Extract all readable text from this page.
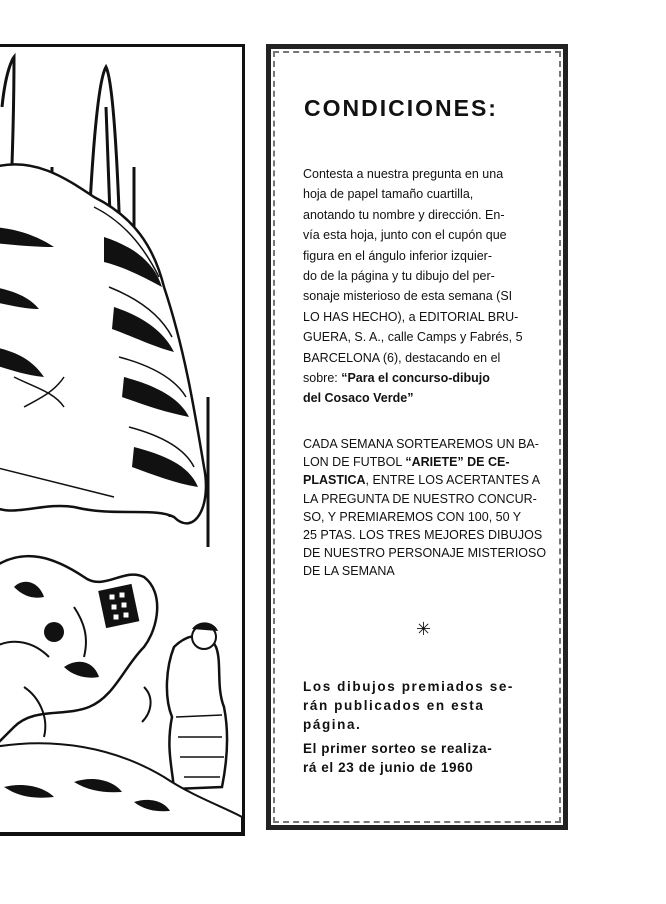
CONDICIONES:
Contesta a nuestra pregunta en una
hoja de papel tamaño cuartilla,
anotando tu nombre y dirección. En-
vía esta hoja, junto con el cupón que
figura en el ángulo inferior izquier-
do de la página y tu dibujo del per-
sonaje misterioso de esta semana (SI
LO HAS HECHO), a EDITORIAL BRU-
GUERA, S. A., calle Camps y Fabrés, 5
BARCELONA (6), destacando en el
sobre: “Para el concurso-dibujo
del Cosaco Verde”
CADA SEMANA SORTEAREMOS UN BA-
LON DE FUTBOL “ARIETE” DE CE-
PLASTICA, ENTRE LOS ACERTANTES A
LA PREGUNTA DE NUESTRO CONCUR-
SO, Y PREMIAREMOS CON 100, 50 Y
25 PTAS. LOS TRES MEJORES DIBUJOS
DE NUESTRO PERSONAJE MISTERIOSO
DE LA SEMANA
✳
Los dibujos premiados se-
rán publicados en esta
página.
El primer sorteo se realiza-
rá el 23 de junio de 1960
